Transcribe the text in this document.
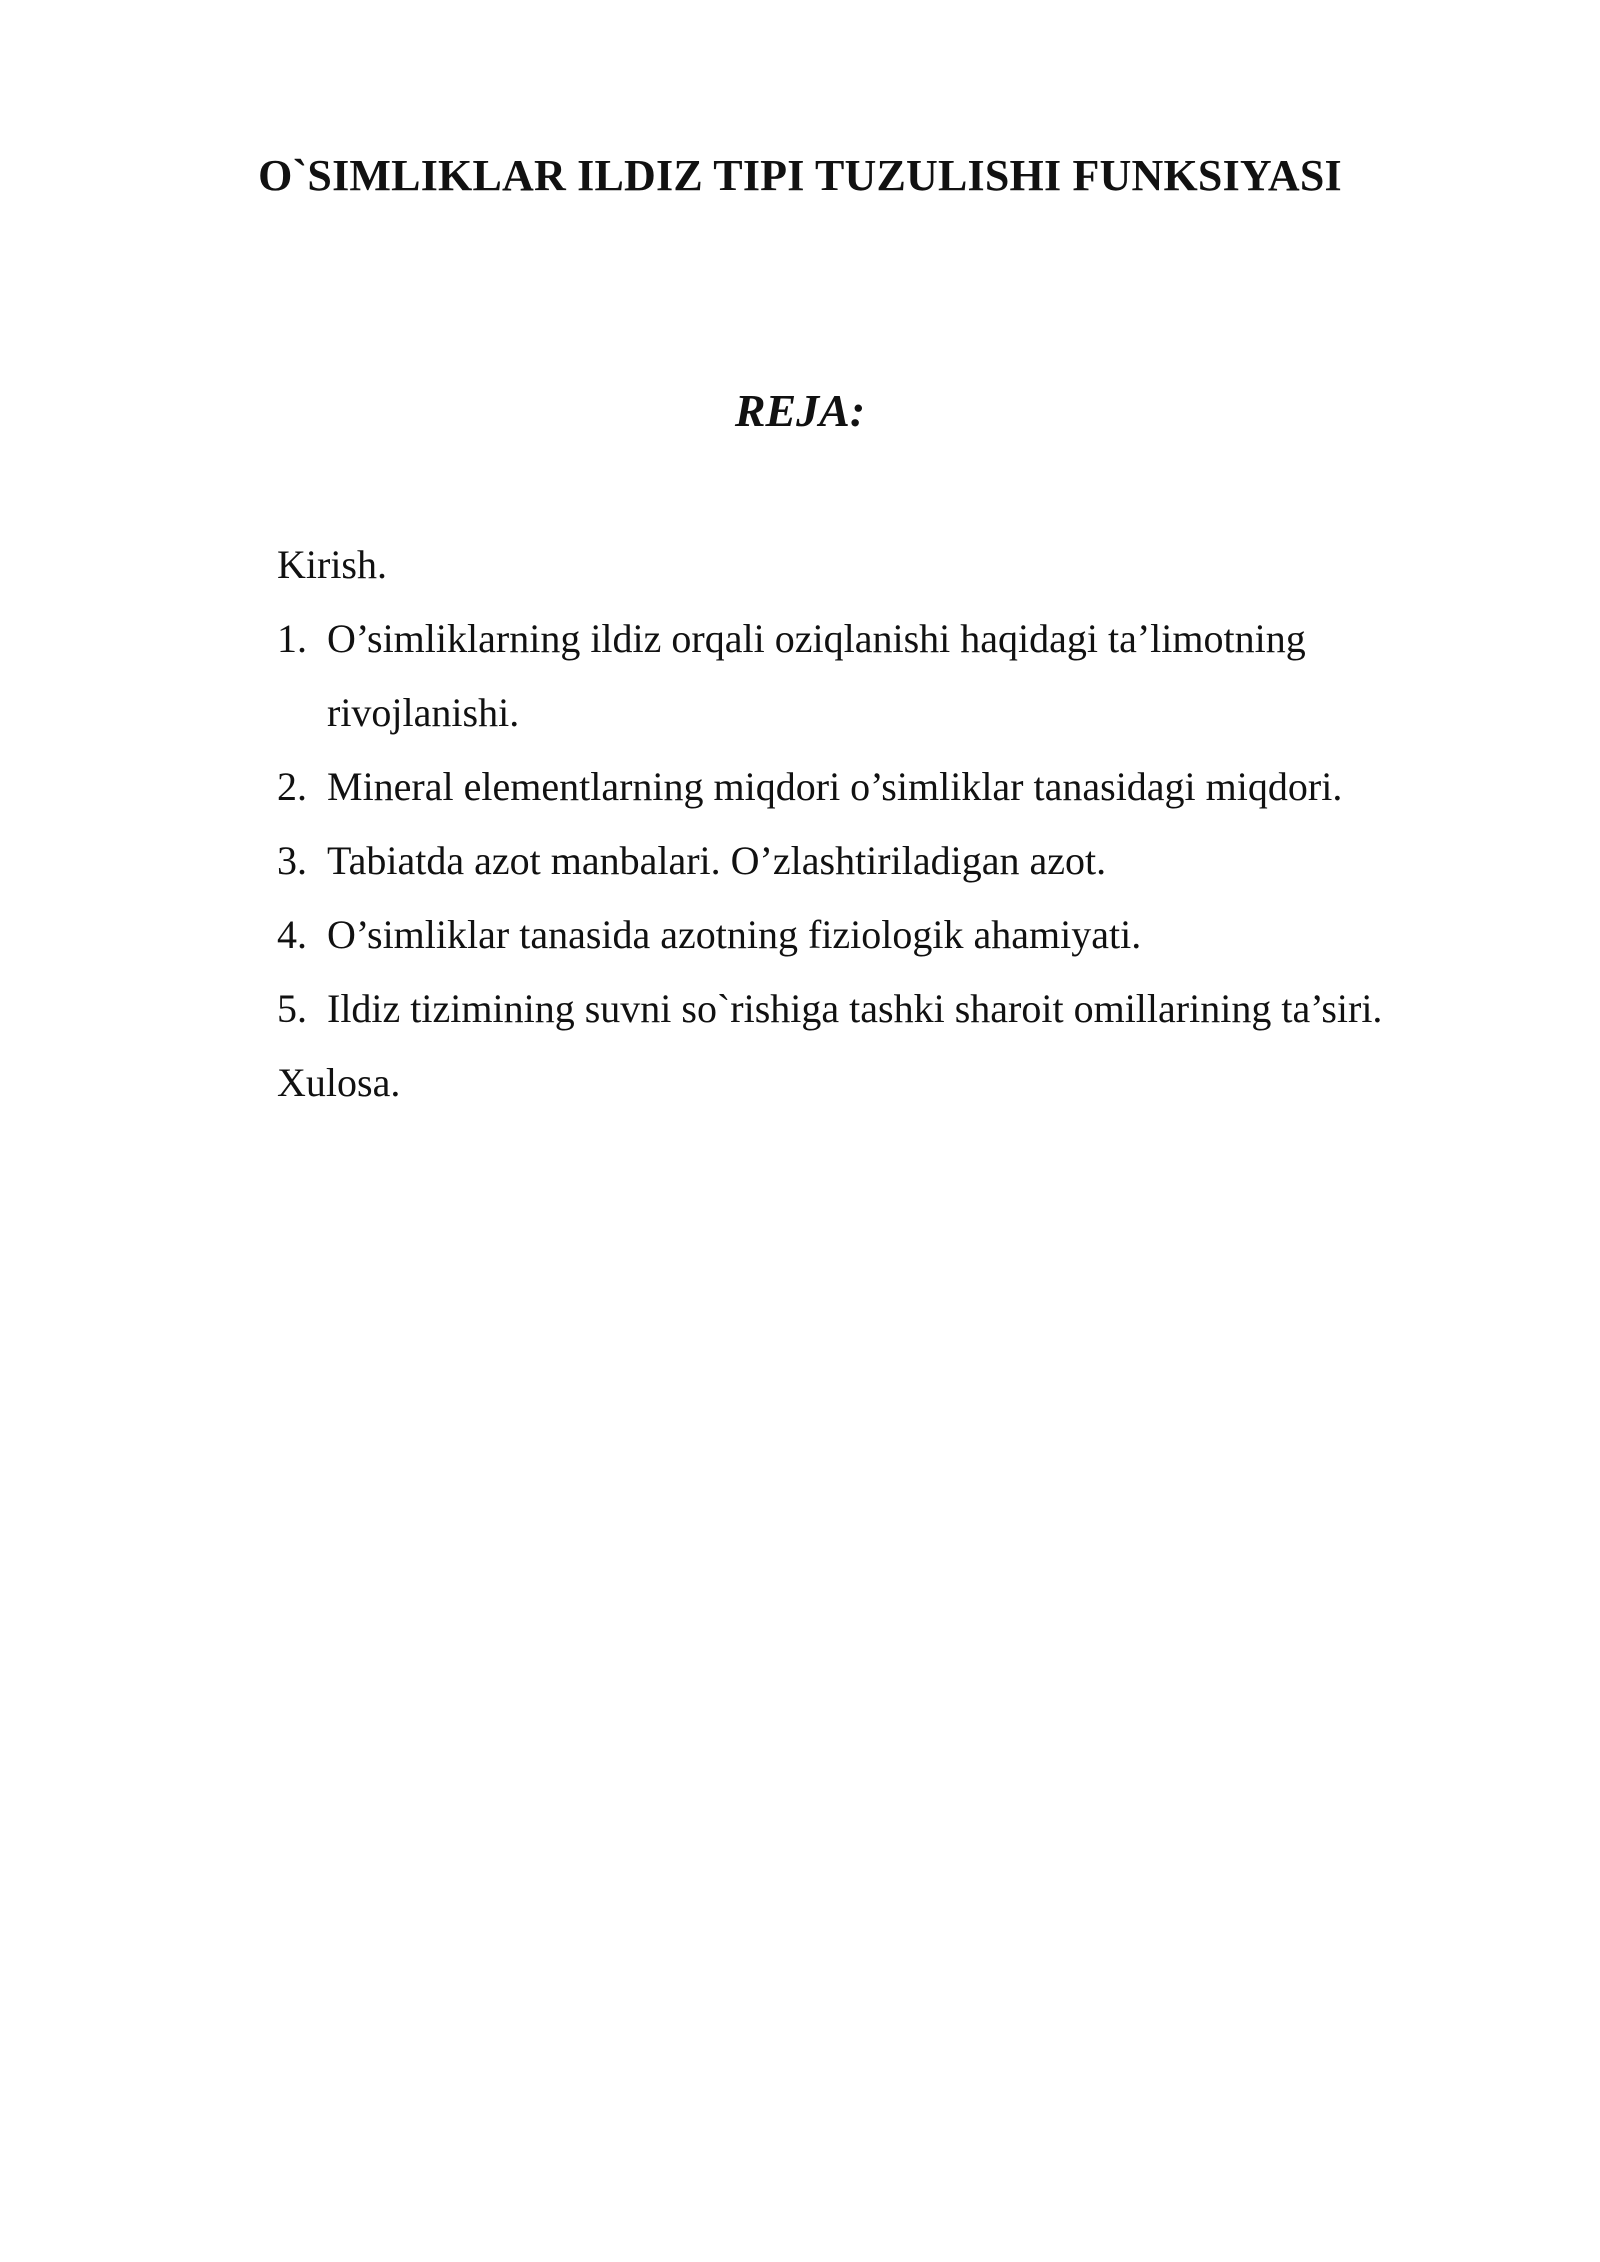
O`SIMLIKLAR ILDIZ TIPI TUZULISHI FUNKSIYASI
REJA:

Kirish.

1. O’simliklarning ildiz orqali oziqlanishi haqidagi ta’limotning rivojlanishi.
2. Mineral elementlarning miqdori o’simliklar tanasidagi miqdori.
3. Tabiatda azot manbalari. O’zlashtiriladigan azot.
4. O’simliklar tanasida azotning fiziologik ahamiyati.
5. Ildiz tizimining suvni so`rishiga tashki sharoit omillarining ta’siri.

Xulosa.
